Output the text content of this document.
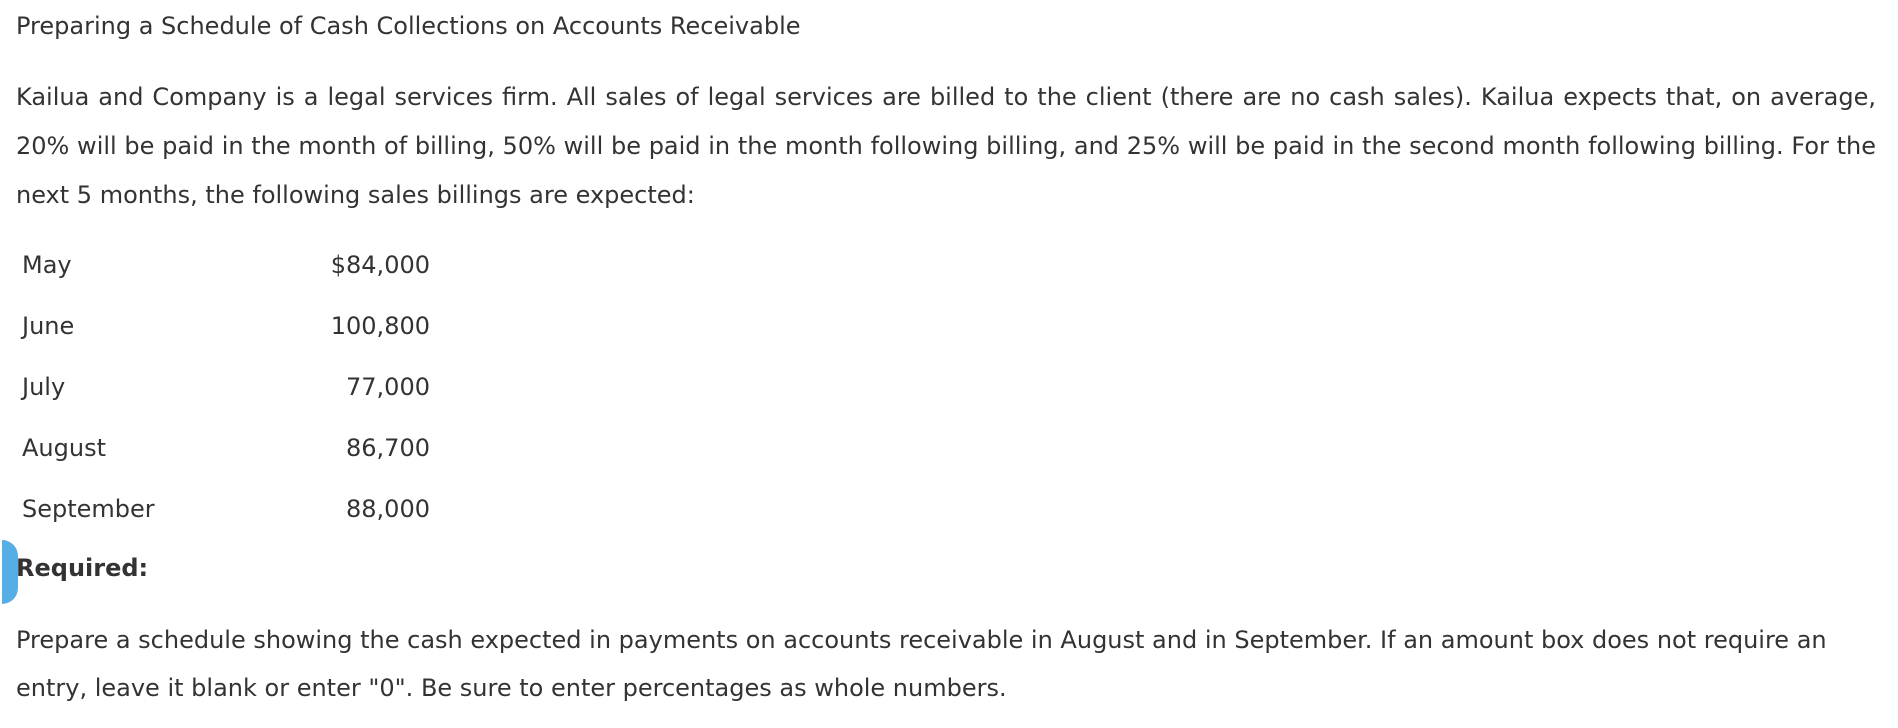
Preparing a Schedule of Cash Collections on Accounts Receivable
Kailua and Company is a legal services firm. All sales of legal services are billed to the client (there are no cash sales). Kailua expects that, on average, 20% will be paid in the month of billing, 50% will be paid in the month following billing, and 25% will be paid in the second month following billing. For the next 5 months, the following sales billings are expected:
May	$84,000
June	100,800
July	77,000
August	86,700
September	88,000
Required:
Prepare a schedule showing the cash expected in payments on accounts receivable in August and in September. If an amount box does not require an entry, leave it blank or enter "0". Be sure to enter percentages as whole numbers.
